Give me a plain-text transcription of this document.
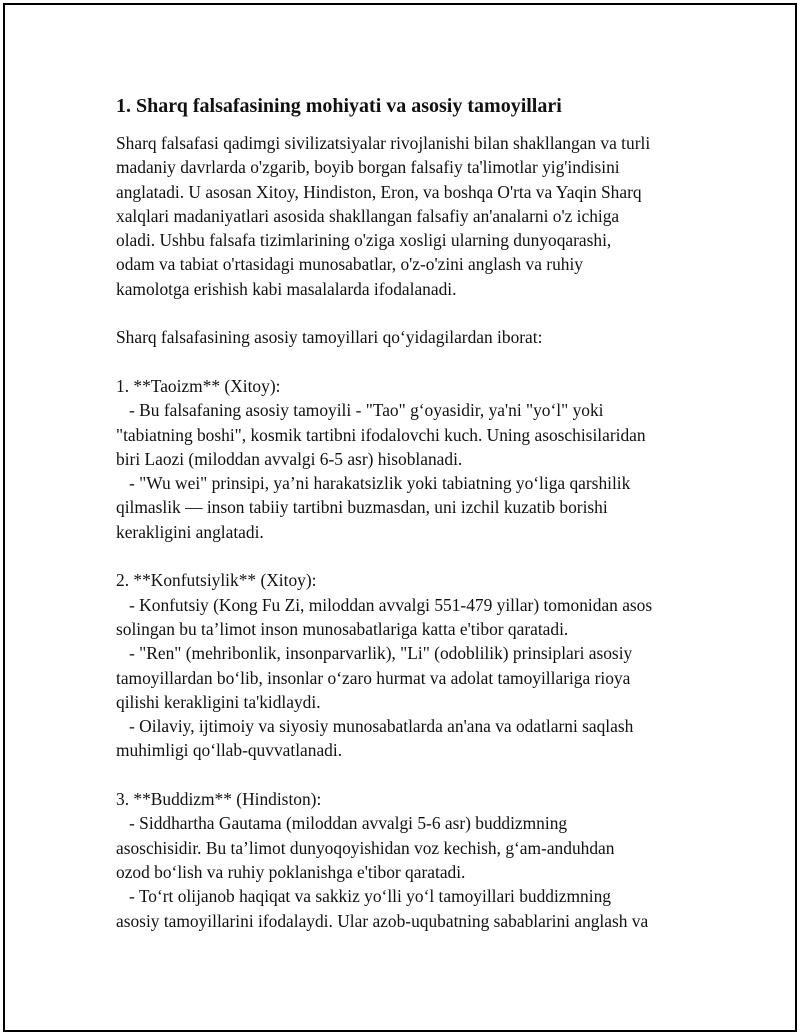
1. Sharq falsafasining mohiyati va asosiy tamoyillari

Sharq falsafasi qadimgi sivilizatsiyalar rivojlanishi bilan shakllangan va turli
madaniy davrlarda o'zgarib, boyib borgan falsafiy ta'limotlar yig'indisini
anglatadi. U asosan Xitoy, Hindiston, Eron, va boshqa O'rta va Yaqin Sharq
xalqlari madaniyatlari asosida shakllangan falsafiy an'analarni o'z ichiga
oladi. Ushbu falsafa tizimlarining o'ziga xosligi ularning dunyoqarashi,
odam va tabiat o'rtasidagi munosabatlar, o'z-o'zini anglash va ruhiy
kamolotga erishish kabi masalalarda ifodalanadi.

Sharq falsafasining asosiy tamoyillari qo‘yidagilardan iborat:

1. **Taoizm** (Xitoy):

- Bu falsafaning asosiy tamoyili - "Tao" g‘oyasidir, ya'ni "yo‘l" yoki
"tabiatning boshi", kosmik tartibni ifodalovchi kuch. Uning asoschisilaridan
biri Laozi (miloddan avvalgi 6-5 asr) hisoblanadi.
- "Wu wei" prinsipi, ya’ni harakatsizlik yoki tabiatning yo‘liga qarshilik
qilmaslik — inson tabiiy tartibni buzmasdan, uni izchil kuzatib borishi
kerakligini anglatadi.

2. **Konfutsiylik** (Xitoy):

- Konfutsiy (Kong Fu Zi, miloddan avvalgi 551-479 yillar) tomonidan asos
solingan bu ta’limot inson munosabatlariga katta e'tibor qaratadi.
- "Ren" (mehribonlik, insonparvarlik), "Li" (odoblilik) prinsiplari asosiy
tamoyillardan bo‘lib, insonlar o‘zaro hurmat va adolat tamoyillariga rioya
qilishi kerakligini ta'kidlaydi.
- Oilaviy, ijtimoiy va siyosiy munosabatlarda an'ana va odatlarni saqlash
muhimligi qo‘llab-quvvatlanadi.

3. **Buddizm** (Hindiston):

- Siddhartha Gautama (miloddan avvalgi 5-6 asr) buddizmning
asoschisidir. Bu ta’limot dunyoqoyishidan voz kechish, g‘am-anduhdan
ozod bo‘lish va ruhiy poklanishga e'tibor qaratadi.
- To‘rt olijanob haqiqat va sakkiz yo‘lli yo‘l tamoyillari buddizmning
asosiy tamoyillarini ifodalaydi. Ular azob-uqubatning sabablarini anglash va
